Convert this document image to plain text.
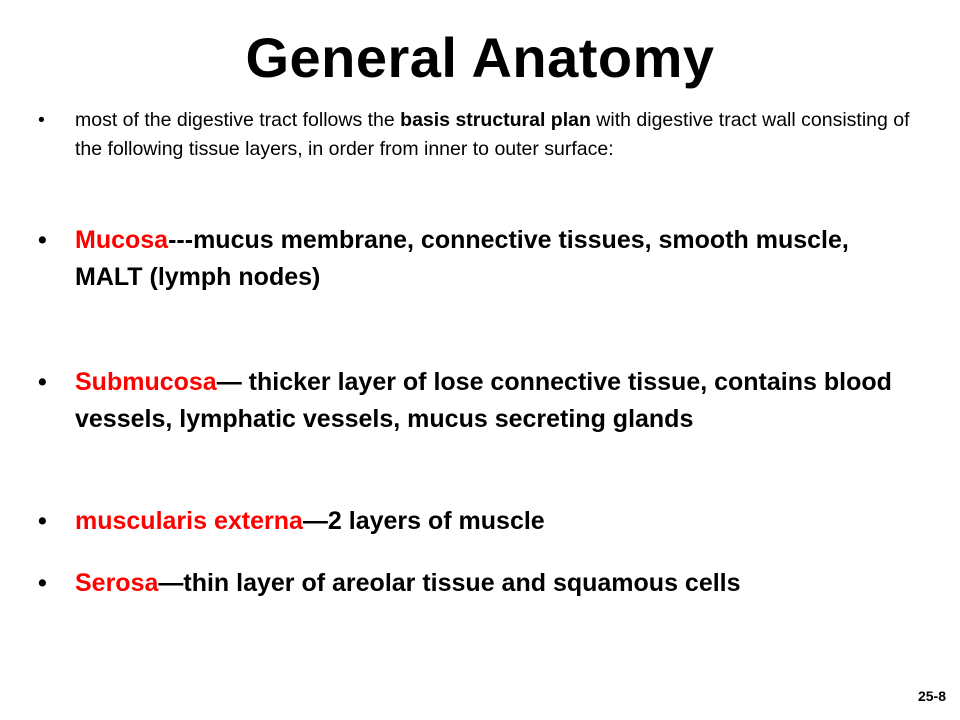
General Anatomy
•	most of the digestive tract follows the basis structural plan with digestive tract wall consisting of the following tissue layers, in order from inner to outer surface:
•	Mucosa---mucus membrane, connective tissues, smooth muscle, MALT (lymph nodes)
•	Submucosa— thicker layer of lose connective tissue, contains blood vessels, lymphatic vessels, mucus secreting glands
•	muscularis externa—2 layers of muscle
•	Serosa—thin layer of areolar tissue and squamous cells
25-8
